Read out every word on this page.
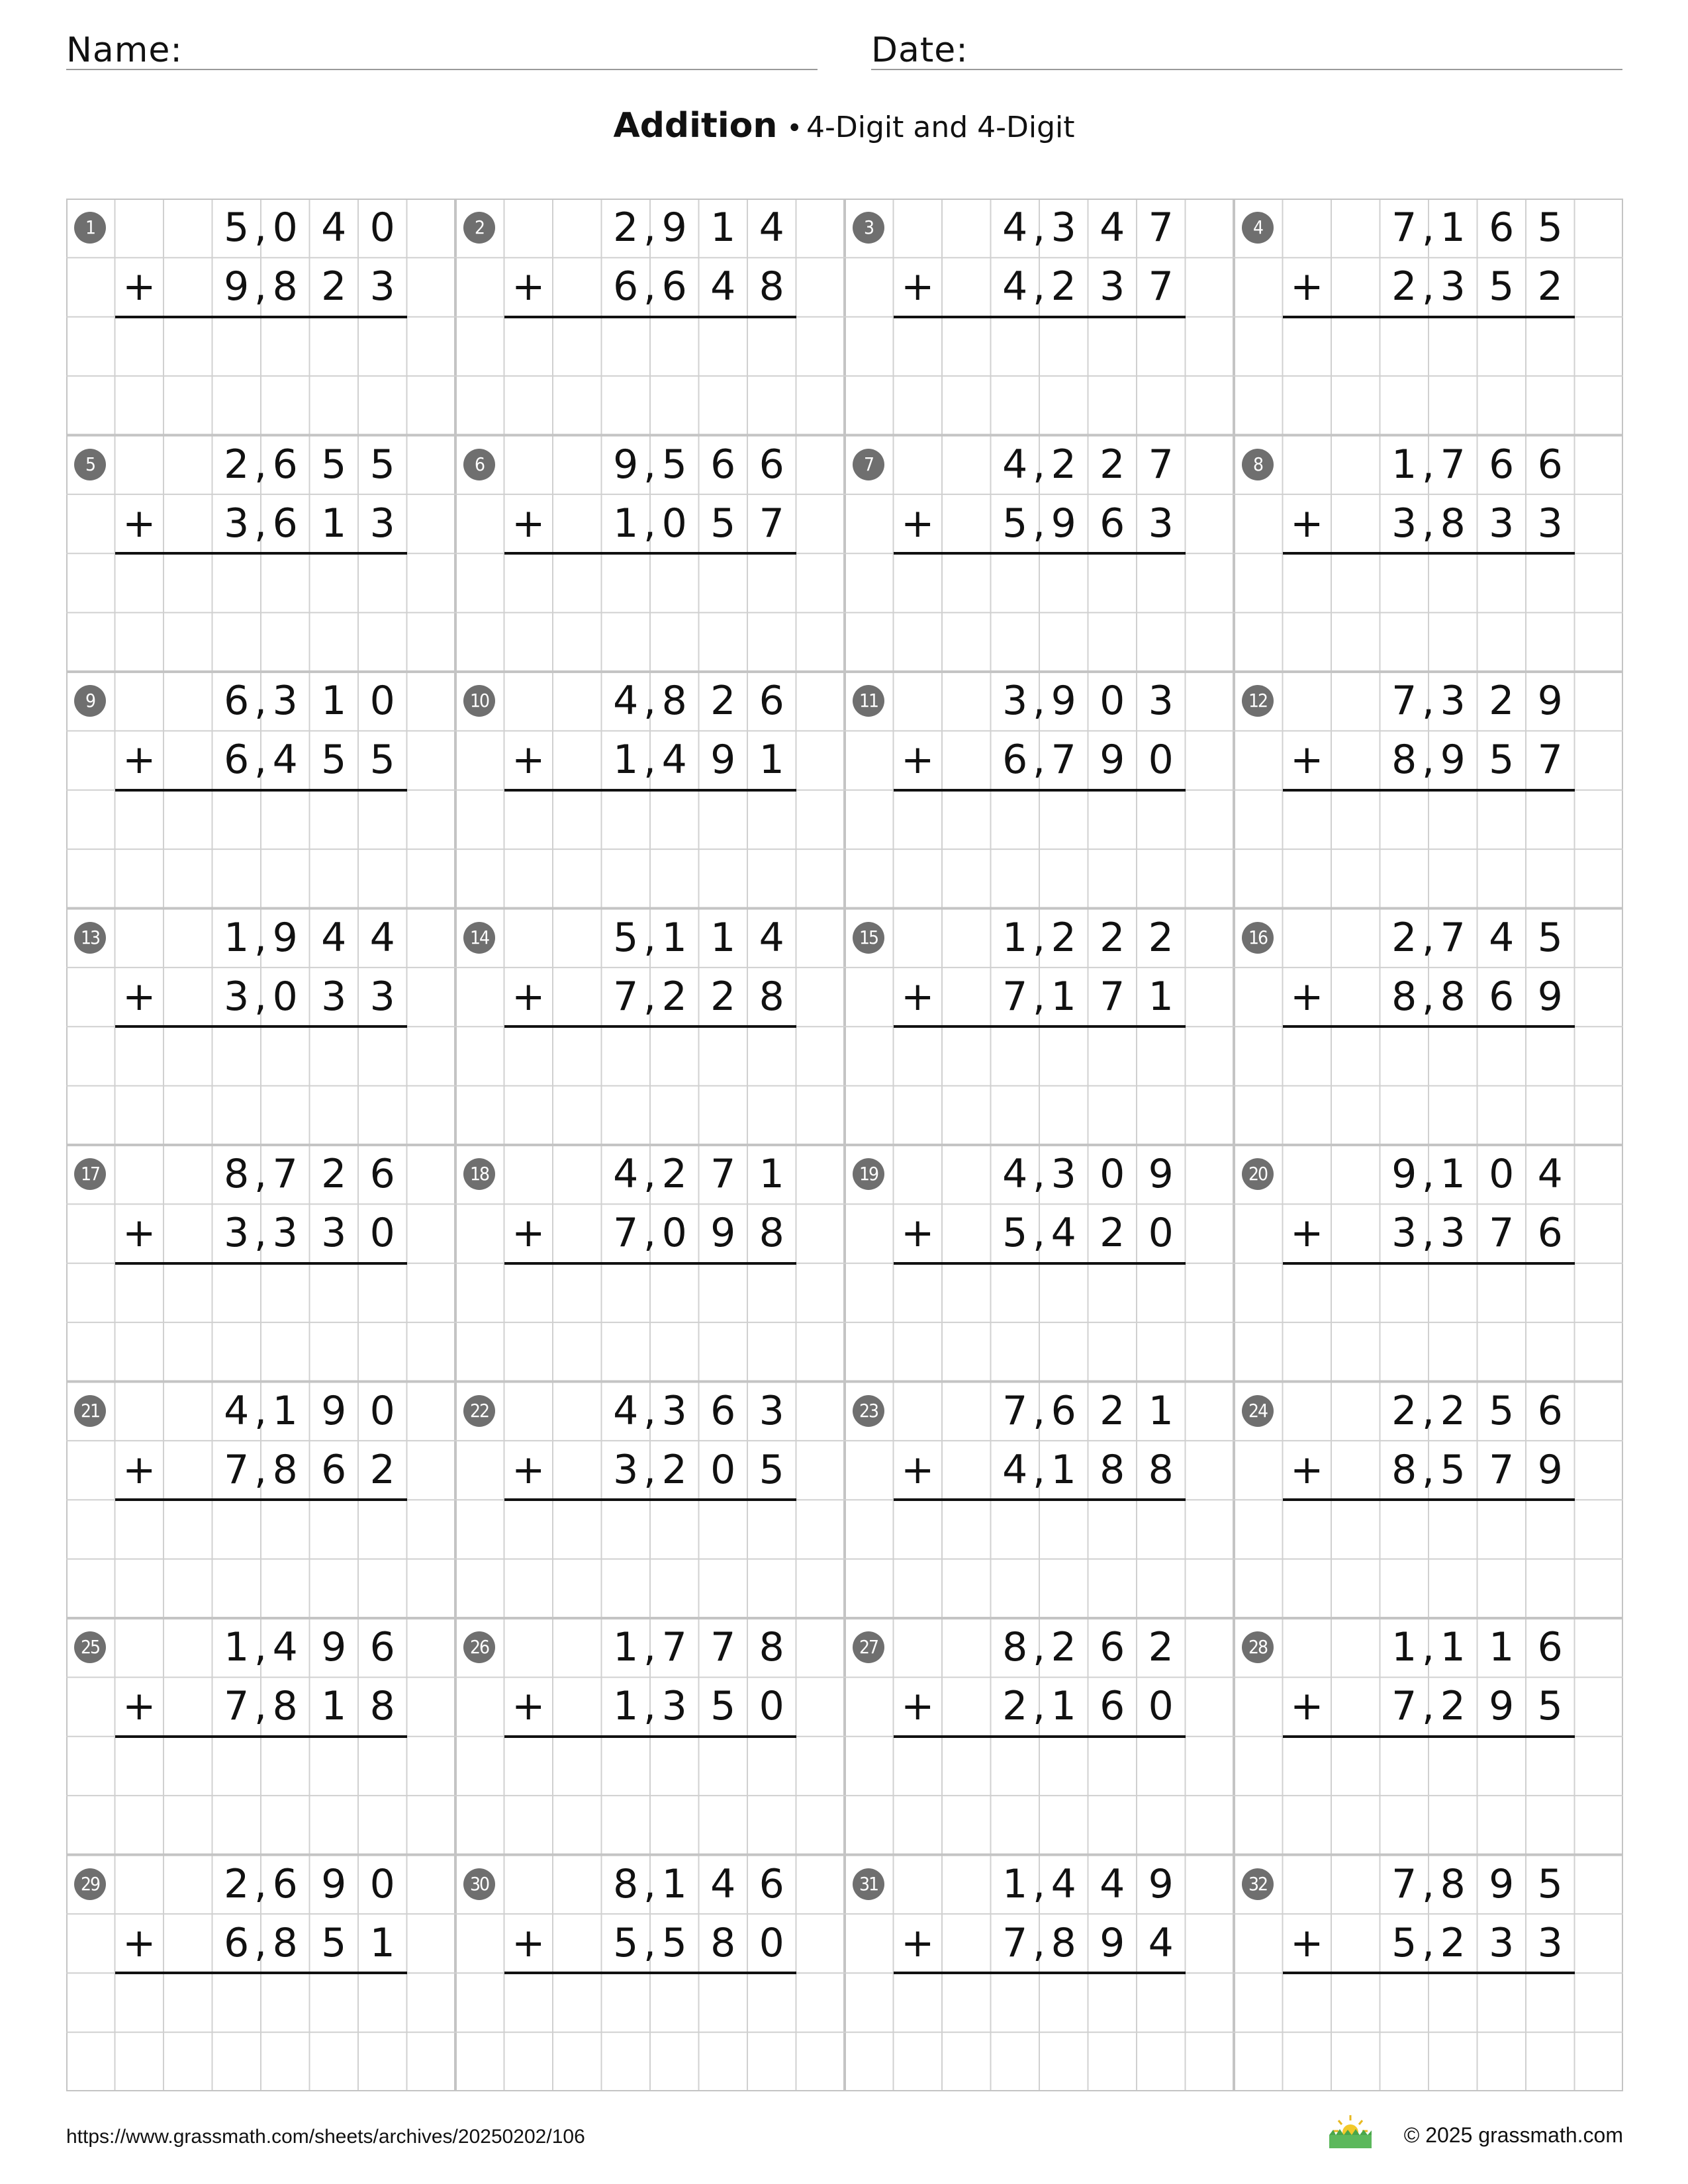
Name:	Date:
Addition • 4-Digit and 4-Digit
1	5 0 4 0
,
9 8 2 3
,
+
2	2 9 1 4
,
6 6 4 8
,
+
3	4 3 4 7
,
4 2 3 7
,
+
4	7 1 6 5
,
2 3 5 2
,
+
5	2 6 5 5
,
3 6 1 3
,
+
6	9 5 6 6
,
1 0 5 7
,
+
7	4 2 2 7
,
5 9 6 3
,
+
8	1 7 6 6
,
3 8 3 3
,
+
9	6 3 1 0
,
6 4 5 5
,
+
10	4 8 2 6
,
1 4 9 1
,
+
11	3 9 0 3
,
6 7 9 0
,
+
12	7 3 2 9
,
8 9 5 7
,
+
13	1 9 4 4
,
3 0 3 3
,
+
14	5 1 1 4
,
7 2 2 8
,
+
15	1 2 2 2
,
7 1 7 1
,
+
16	2 7 4 5
,
8 8 6 9
,
+
17	8 7 2 6
,
3 3 3 0
,
+
18	4 2 7 1
,
7 0 9 8
,
+
19	4 3 0 9
,
5 4 2 0
,
+
20	9 1 0 4
,
3 3 7 6
,
+
21	4 1 9 0
,
7 8 6 2
,
+
22	4 3 6 3
,
3 2 0 5
,
+
23	7 6 2 1
,
4 1 8 8
,
+
24	2 2 5 6
,
8 5 7 9
,
+
25	1 4 9 6
,
7 8 1 8
,
+
26	1 7 7 8
,
1 3 5 0
,
+
27	8 2 6 2
,
2 1 6 0
,
+
28	1 1 1 6
,
7 2 9 5
,
+
29	2 6 9 0
,
6 8 5 1
,
+
30	8 1 4 6
,
5 5 8 0
,
+
31	1 4 4 9
,
7 8 9 4
,
+
32	7 8 9 5
,
5 2 3 3
,
+
https://www.grassmath.com/sheets/archives/20250202/106	© 2025 grassmath.com
